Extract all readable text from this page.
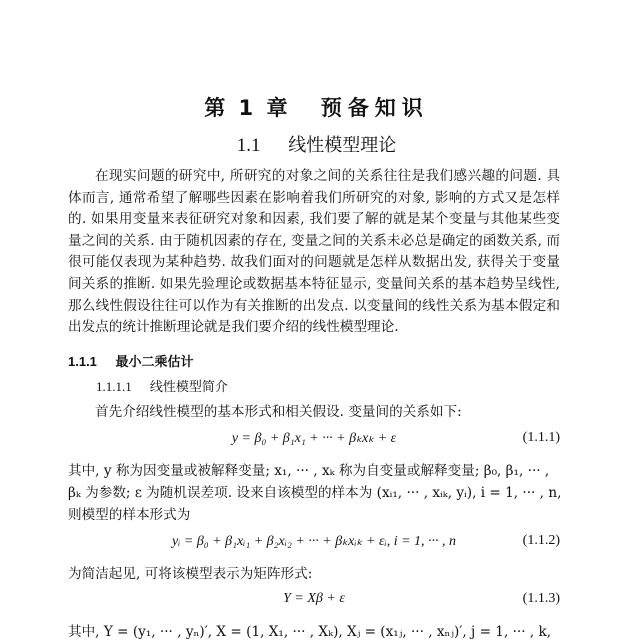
第 1 章 预备知识
1.1 线性模型理论
在现实问题的研究中, 所研究的对象之间的关系往往是我们感兴趣的问题. 具体而言, 通常希望了解哪些因素在影响着我们所研究的对象, 影响的方式又是怎样的. 如果用变量来表征研究对象和因素, 我们要了解的就是某个变量与其他某些变量之间的关系. 由于随机因素的存在, 变量之间的关系未必总是确定的函数关系, 而很可能仅表现为某种趋势. 故我们面对的问题就是怎样从数据出发, 获得关于变量间关系的推断. 如果先验理论或数据基本特征显示, 变量间关系的基本趋势呈线性, 那么线性假设往往可以作为有关推断的出发点. 以变量间的线性关系为基本假定和出发点的统计推断理论就是我们要介绍的线性模型理论.
1.1.1 最小二乘估计
1.1.1.1 线性模型简介
首先介绍线性模型的基本形式和相关假设. 变量间的关系如下:
y = β₀ + β₁x₁ + ··· + βₖxₖ + ε	(1.1.1)
其中, y 称为因变量或被解释变量; x₁, ··· , xₖ 称为自变量或解释变量; β₀, β₁, ··· ,
βₖ 为参数; ε 为随机误差项. 设来自该模型的样本为 (xᵢ₁, ··· , xᵢₖ, yᵢ), i = 1, ··· , n,
则模型的样本形式为
yᵢ = β₀ + β₁xᵢ₁ + β₂xᵢ₂ + ··· + βₖxᵢₖ + εᵢ, i = 1, ··· , n	(1.1.2)
为简洁起见, 可将该模型表示为矩阵形式:
Y = Xβ + ε	(1.1.3)
其中, Y = (y₁, ··· , yₙ)′, X = (1, X₁, ··· , Xₖ), Xⱼ = (x₁ⱼ, ··· , xₙⱼ)′, j = 1, ··· , k,
